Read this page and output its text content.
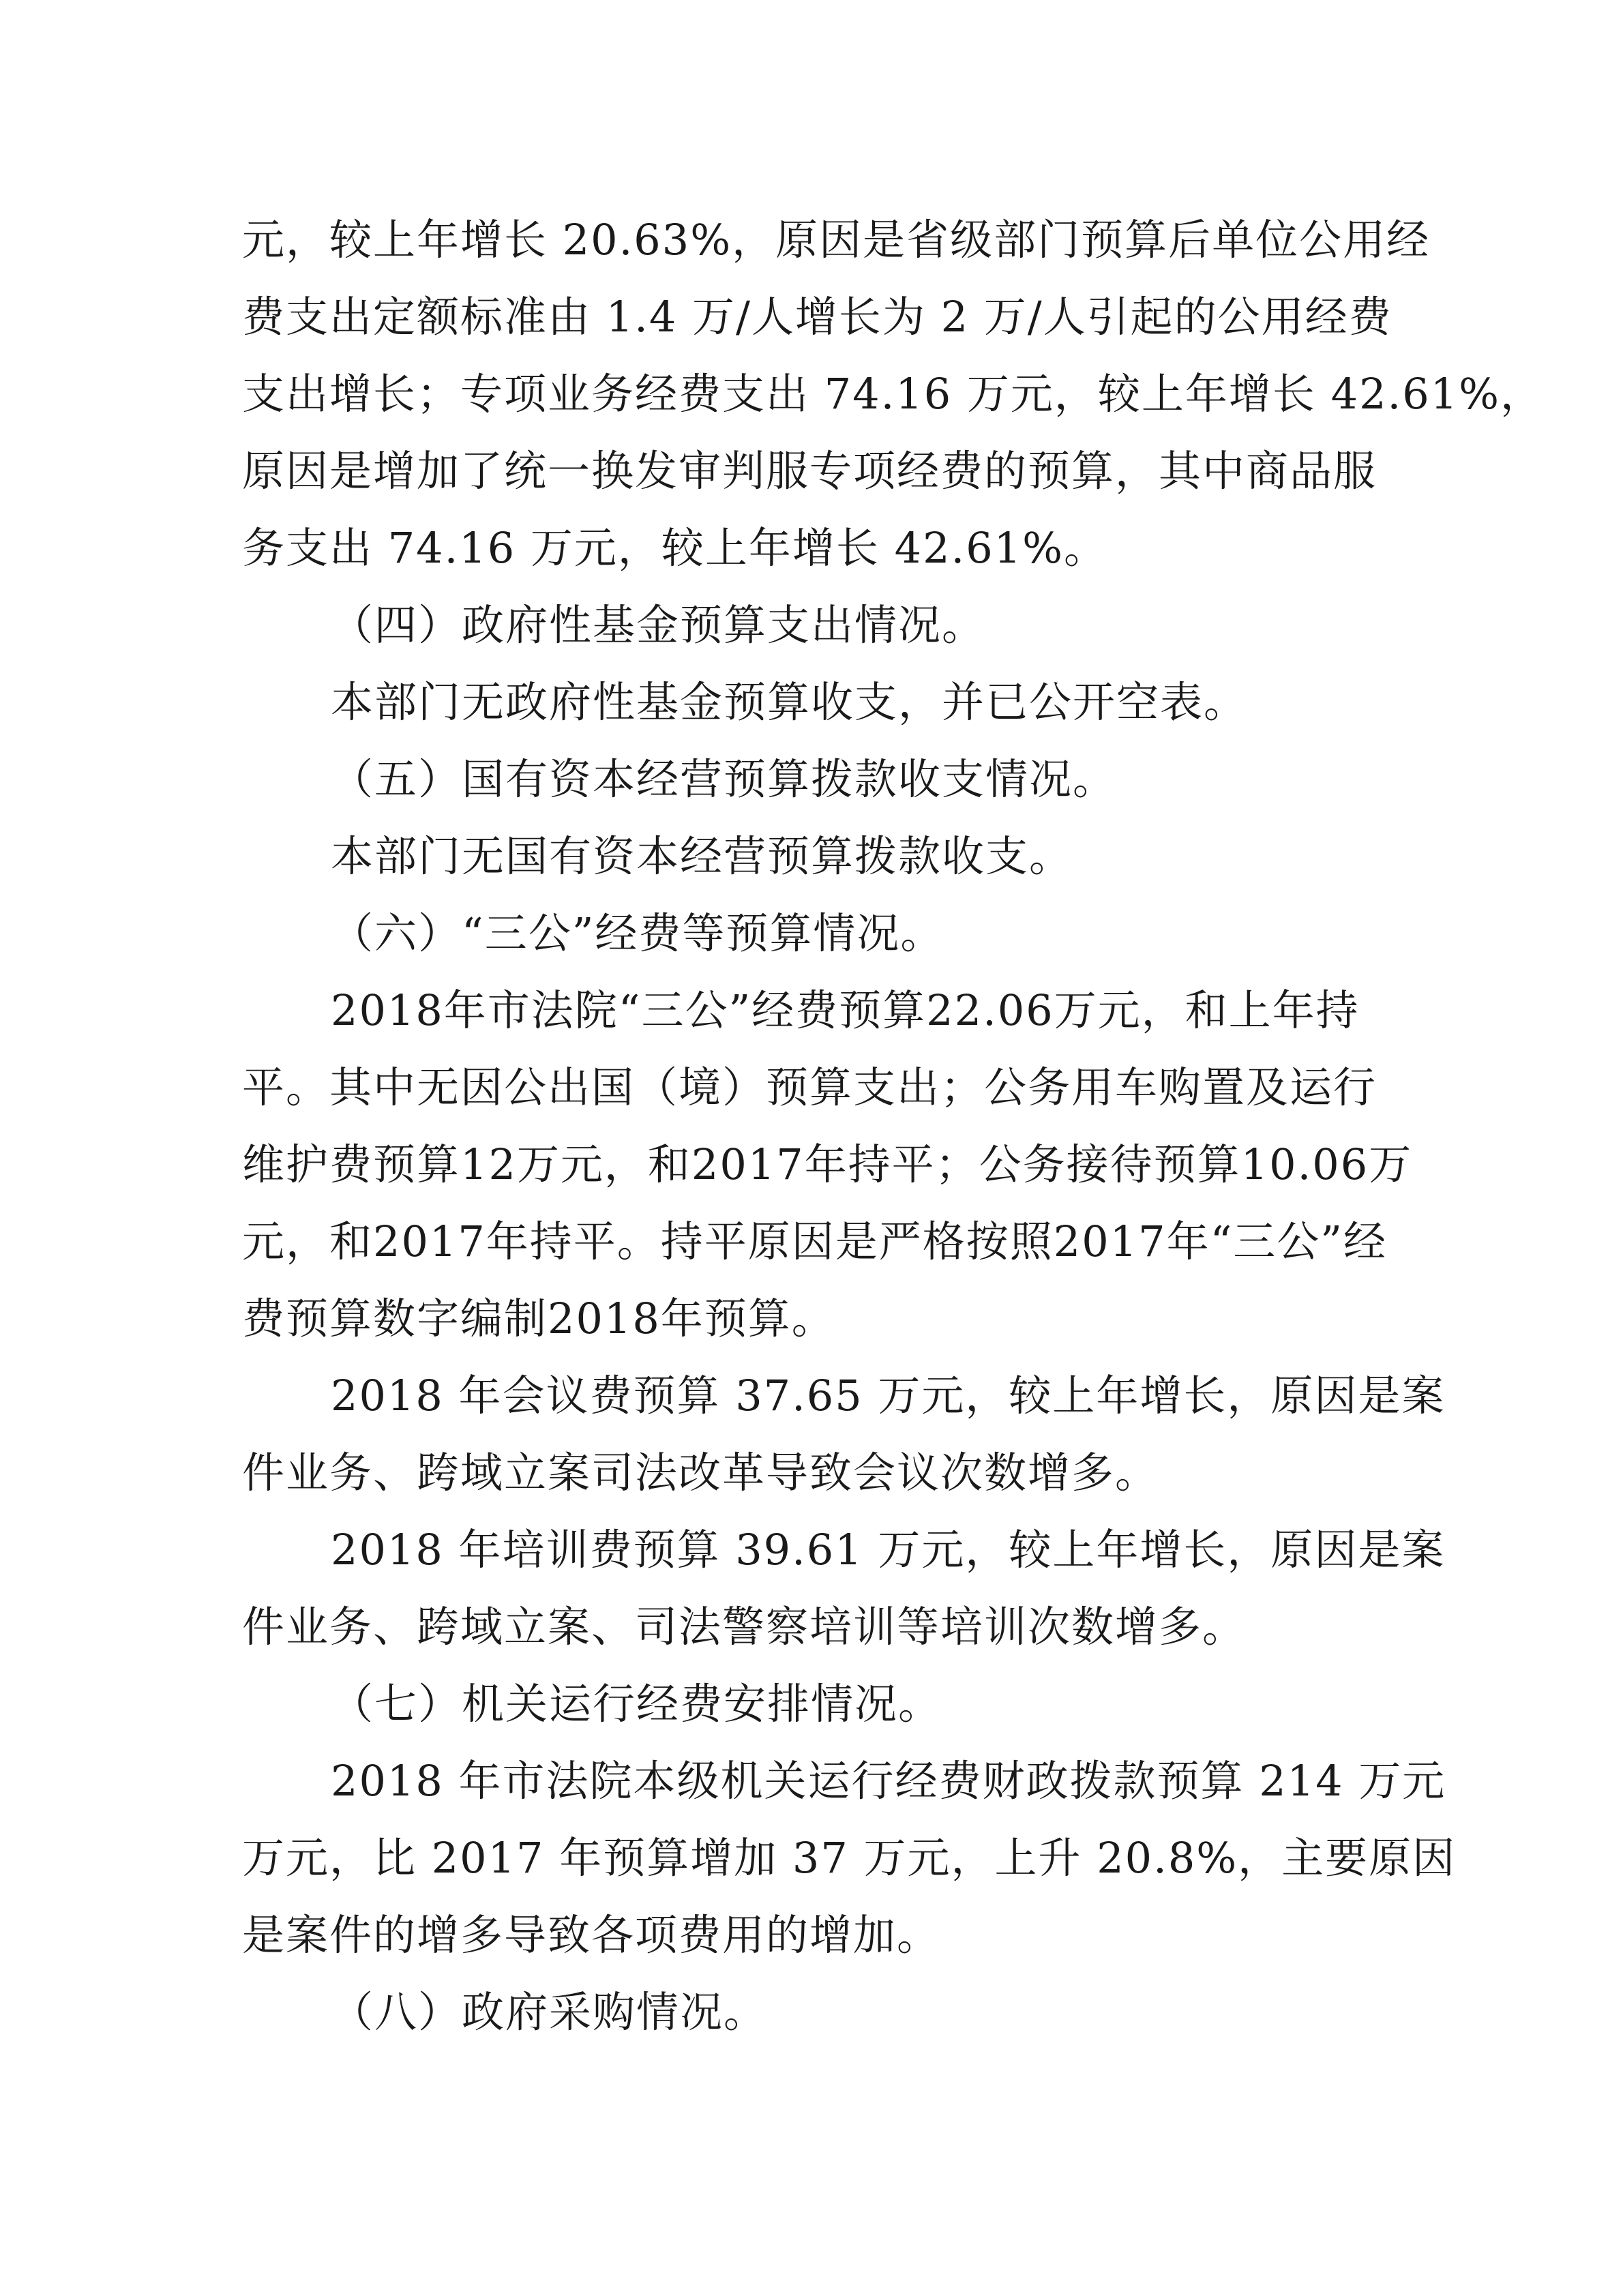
元，较上年增长 20.63%，原因是省级部门预算后单位公用经
费支出定额标准由 1.4 万/人增长为 2 万/人引起的公用经费
支出增长；专项业务经费支出 74.16 万元，较上年增长 42.61%，
原因是增加了统一换发审判服专项经费的预算，其中商品服
务支出 74.16 万元，较上年增长 42.61%。
（四）政府性基金预算支出情况。
本部门无政府性基金预算收支，并已公开空表。
（五）国有资本经营预算拨款收支情况。
本部门无国有资本经营预算拨款收支。
（六）“三公”经费等预算情况。
2018年市法院“三公”经费预算22.06万元，和上年持
平。其中无因公出国（境）预算支出；公务用车购置及运行
维护费预算12万元，和2017年持平；公务接待预算10.06万
元，和2017年持平。持平原因是严格按照2017年“三公”经
费预算数字编制2018年预算。
2018 年会议费预算 37.65 万元，较上年增长，原因是案
件业务、跨域立案司法改革导致会议次数增多。
2018 年培训费预算 39.61 万元，较上年增长，原因是案
件业务、跨域立案、司法警察培训等培训次数增多。
（七）机关运行经费安排情况。
2018 年市法院本级机关运行经费财政拨款预算 214 万元
万元，比 2017 年预算增加 37 万元，上升 20.8%，主要原因
是案件的增多导致各项费用的增加。
（八）政府采购情况。
